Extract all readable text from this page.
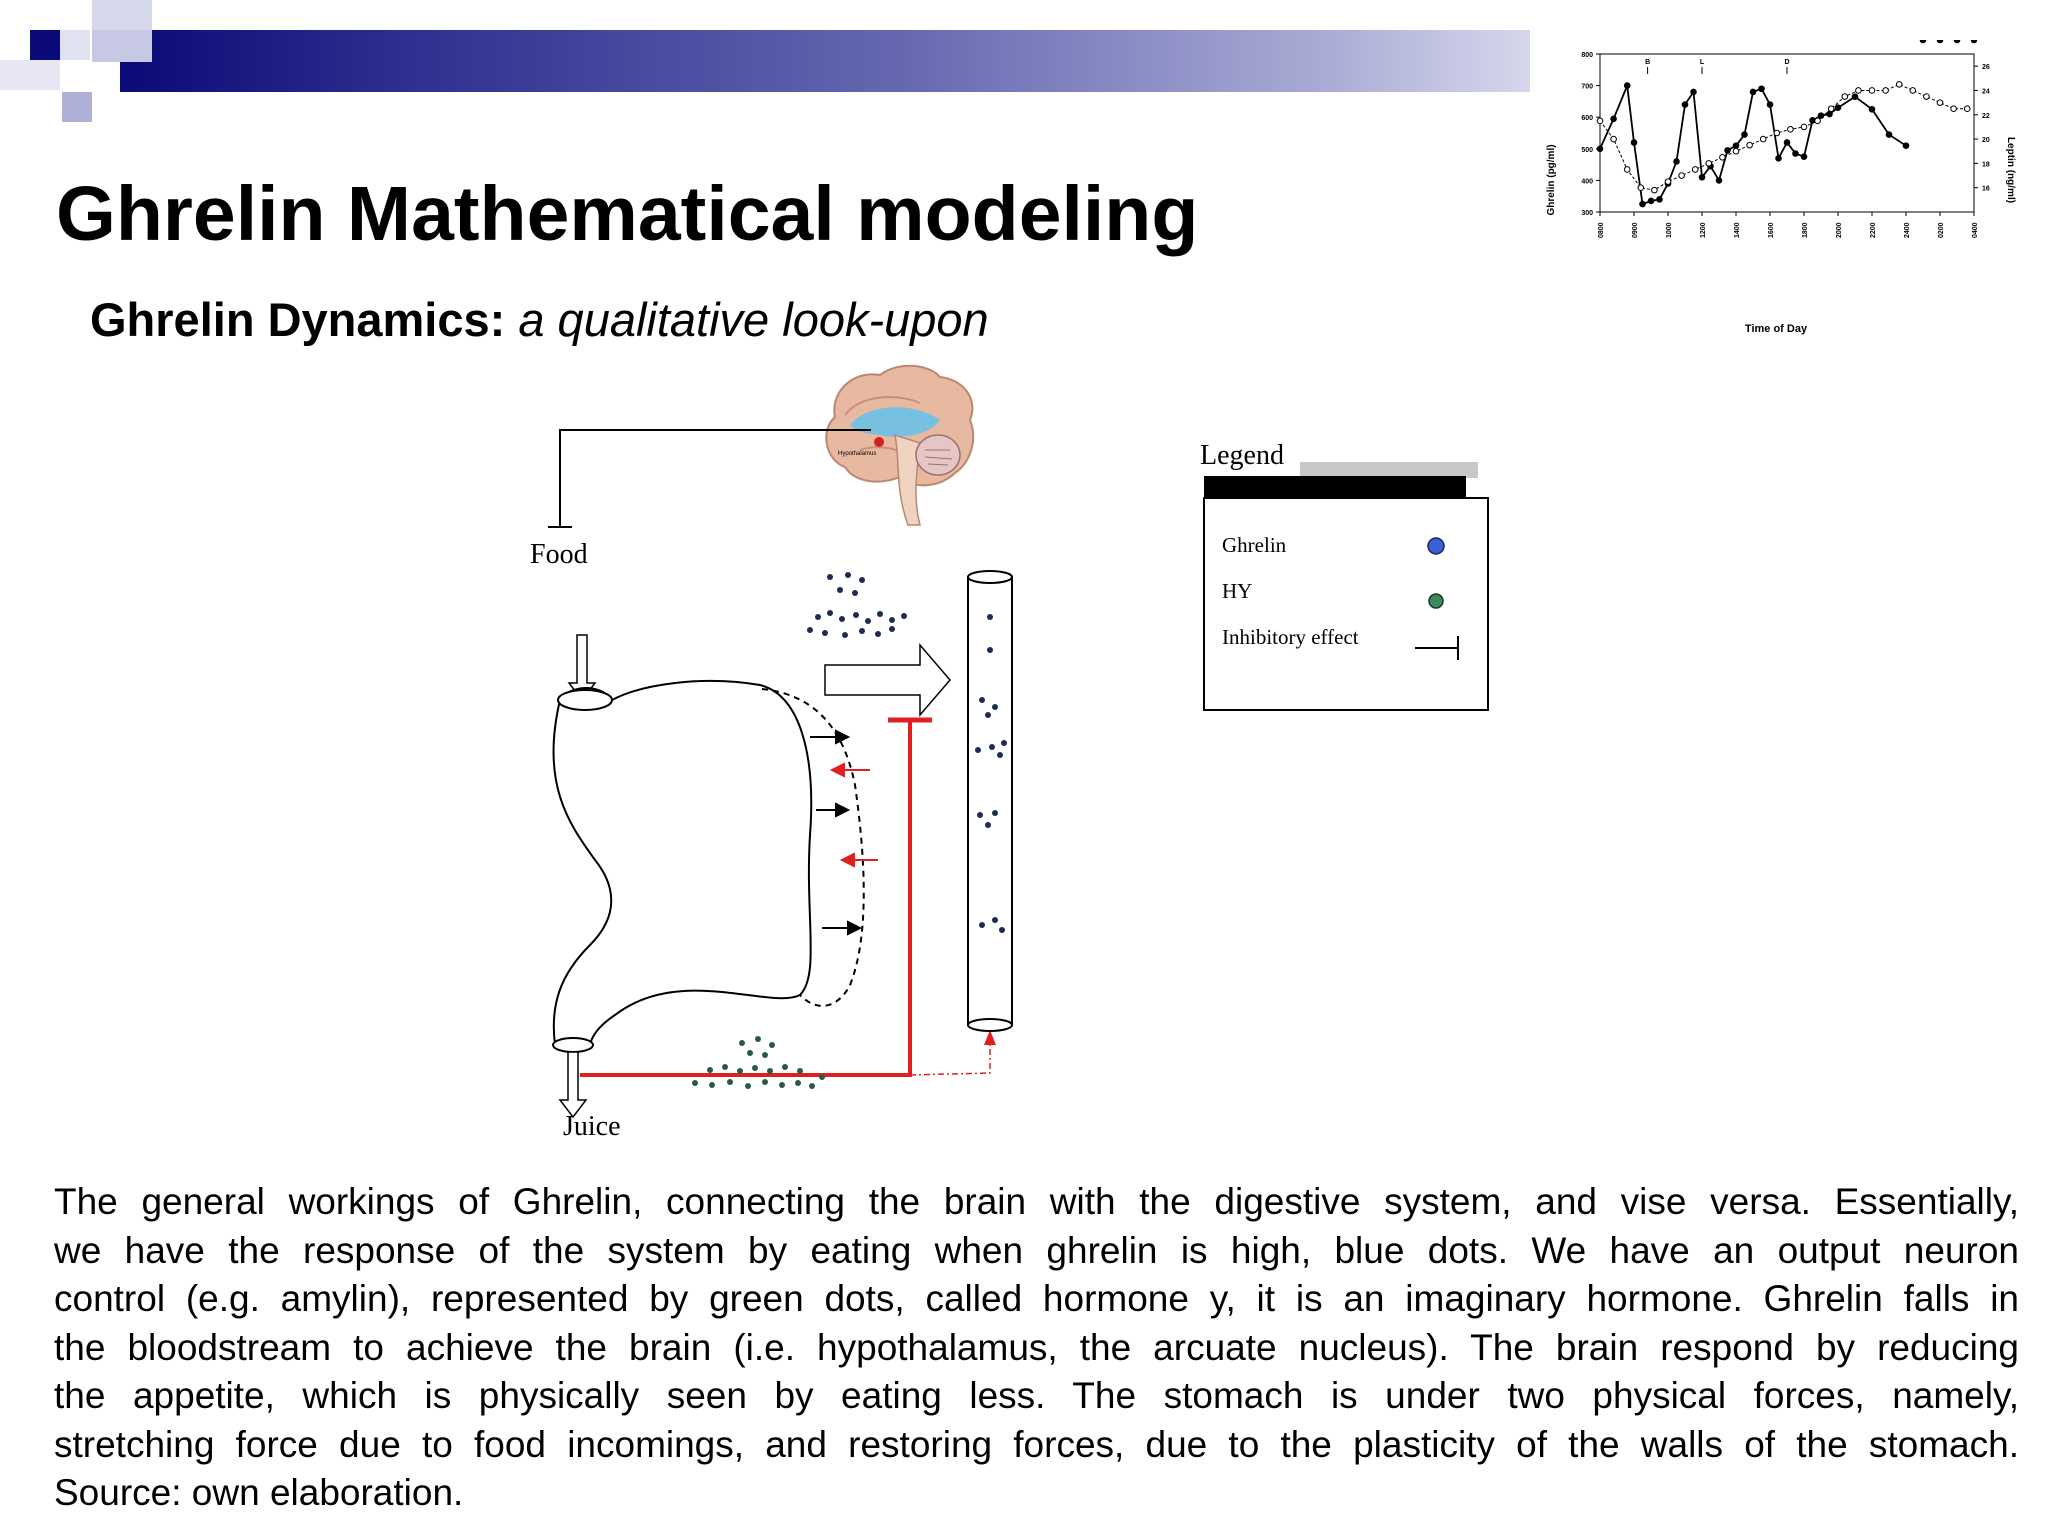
Ghrelin Mathematical modeling
Ghrelin Dynamics: a qualitative look-upon
300
400
500
600
700
800
16
18
20
22
24
26
0800	0900	1000	1200	1400	1600	1800	2000	2200	2400	0200	0400
B	L	D
Ghrelin (pg/ml)	Leptin (ng/ml)
Time of Day
Hypothalamus
Food
Juice
Legend
Ghrelin
HY
Inhibitory effect

The general workings of Ghrelin, connecting the brain with the digestive system, and vise versa. Essentially,
we have the response of the system by eating when ghrelin is high, blue dots. We have an output neuron
control (e.g. amylin), represented by green dots, called hormone y, it is an imaginary hormone. Ghrelin falls in
the bloodstream to achieve the brain (i.e. hypothalamus, the arcuate nucleus). The brain respond by reducing
the appetite, which is physically seen by eating less. The stomach is under two physical forces, namely,
stretching force due to food incomings, and restoring forces, due to the plasticity of the walls of the stomach.
Source: own elaboration.
